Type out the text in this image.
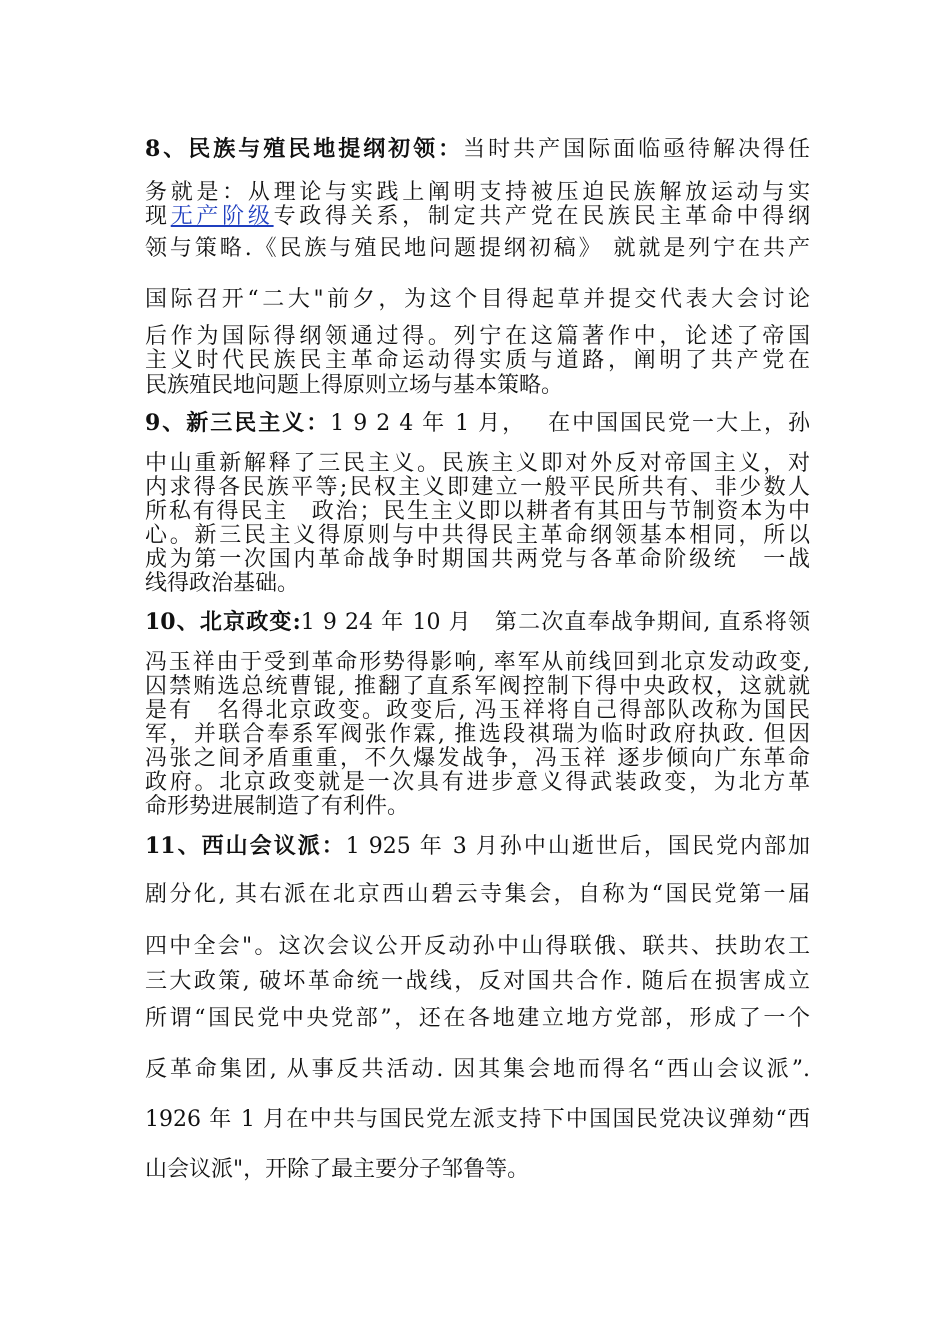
8、民族与殖民地提纲初领：当时共产国际面临亟待解决得任
务就是：从理论与实践上阐明支持被压迫民族解放运动与实
现无产阶级专政得关系，制定共产党在民族民主革命中得纲
领与策略.《民族与殖民地问题提纲初稿》 就就是列宁在共产
国际召开“二大"前夕，为这个目得起草并提交代表大会讨论
后作为国际得纲领通过得。列宁在这篇著作中，论述了帝国
主义时代民族民主革命运动得实质与道路，阐明了共产党在
民族殖民地问题上得原则立场与基本策略。
9、新三民主义：1 9 2 4 年 1 月，　 在中国国民党一大上，孙
中山重新解释了三民主义。民族主义即对外反对帝国主义，对
内求得各民族平等;民权主义即建立一般平民所共有、非少数人
所私有得民主　政治；民生主义即以耕者有其田与节制资本为中
心。新三民主义得原则与中共得民主革命纲领基本相同，所以
成为第一次国内革命战争时期国共两党与各革命阶级统　一战
线得政治基础。
10、北京政变:1 9 24 年 10 月　第二次直奉战争期间, 直系将领
冯玉祥由于受到革命形势得影响, 率军从前线回到北京发动政变,
囚禁贿选总统曹锟, 推翻了直系军阀控制下得中央政权，这就就
是有　名得北京政变。政变后, 冯玉祥将自己得部队改称为国民
军，并联合奉系军阀张作霖, 推选段祺瑞为临时政府执政. 但因
冯张之间矛盾重重，不久爆发战争，冯玉祥 逐步倾向广东革命
政府。北京政变就是一次具有进步意义得武装政变，为北方革
命形势进展制造了有利件。
11、西山会议派：1 925 年 3 月孙中山逝世后，国民党内部加
剧分化, 其右派在北京西山碧云寺集会，自称为“国民党第一届
四中全会"。这次会议公开反动孙中山得联俄、联共、扶助农工
三大政策, 破坏革命统一战线，反对国共合作. 随后在损害成立
所谓“国民党中央党部”，还在各地建立地方党部，形成了一个
反革命集团, 从事反共活动. 因其集会地而得名“西山会议派”.
1926 年 1 月在中共与国民党左派支持下中国国民党决议弹劾“西
山会议派"，开除了最主要分子邹鲁等。
